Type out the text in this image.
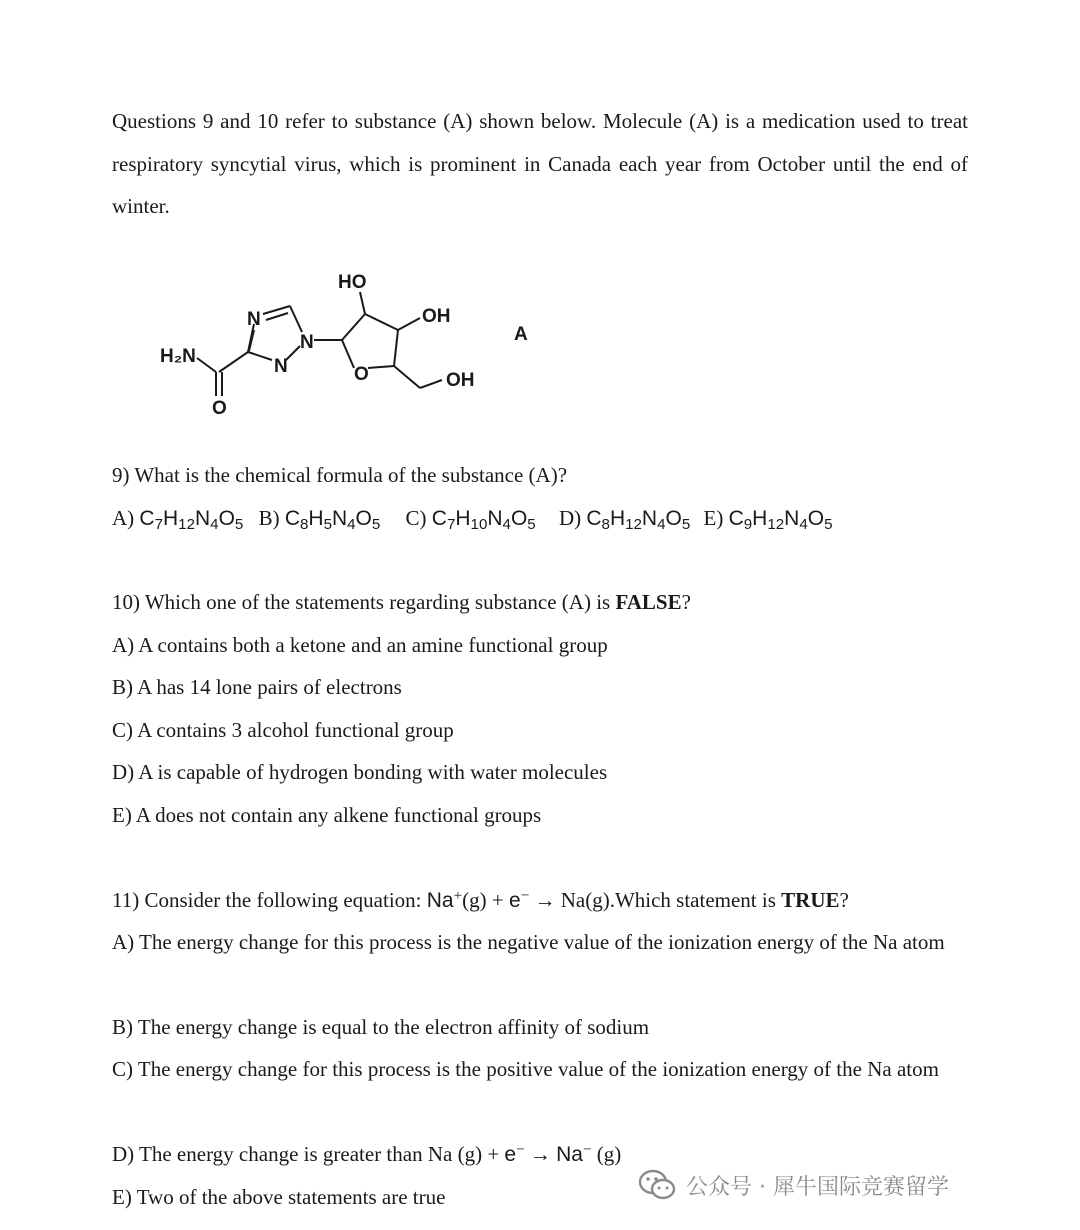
Questions 9 and 10 refer to substance (A) shown below. Molecule (A) is a medication used to treat respiratory syncytial virus, which is prominent in Canada each year from October until the end of winter.
H₂N
O
N
N
N
HO
OH
O	OH
A
9) What is the chemical formula of the substance (A)?
A) $C_7H_{12}N_4O_5$ B) $C_8H_5N_4O_5$ C) $C_7H_{10}N_4O_5$ D) $C_8H_{12}N_4O_5$ E) $C_9H_{12}N_4O_5$
10) Which one of the statements regarding substance (A) is FALSE?
A) A contains both a ketone and an amine functional group
B) A has 14 lone pairs of electrons
C) A contains 3 alcohol functional group
D) A is capable of hydrogen bonding with water molecules
E) A does not contain any alkene functional groups
11) Consider the following equation: Na+(g) + e− → Na(g).Which statement is TRUE?
A) The energy change for this process is the negative value of the ionization energy of the Na atom
B) The energy change is equal to the electron affinity of sodium
C) The energy change for this process is the positive value of the ionization energy of the Na atom
D) The energy change is greater than Na (g) + e− → Na− (g)
E) Two of the above statements are true	公众号 · 犀牛国际竞赛留学
